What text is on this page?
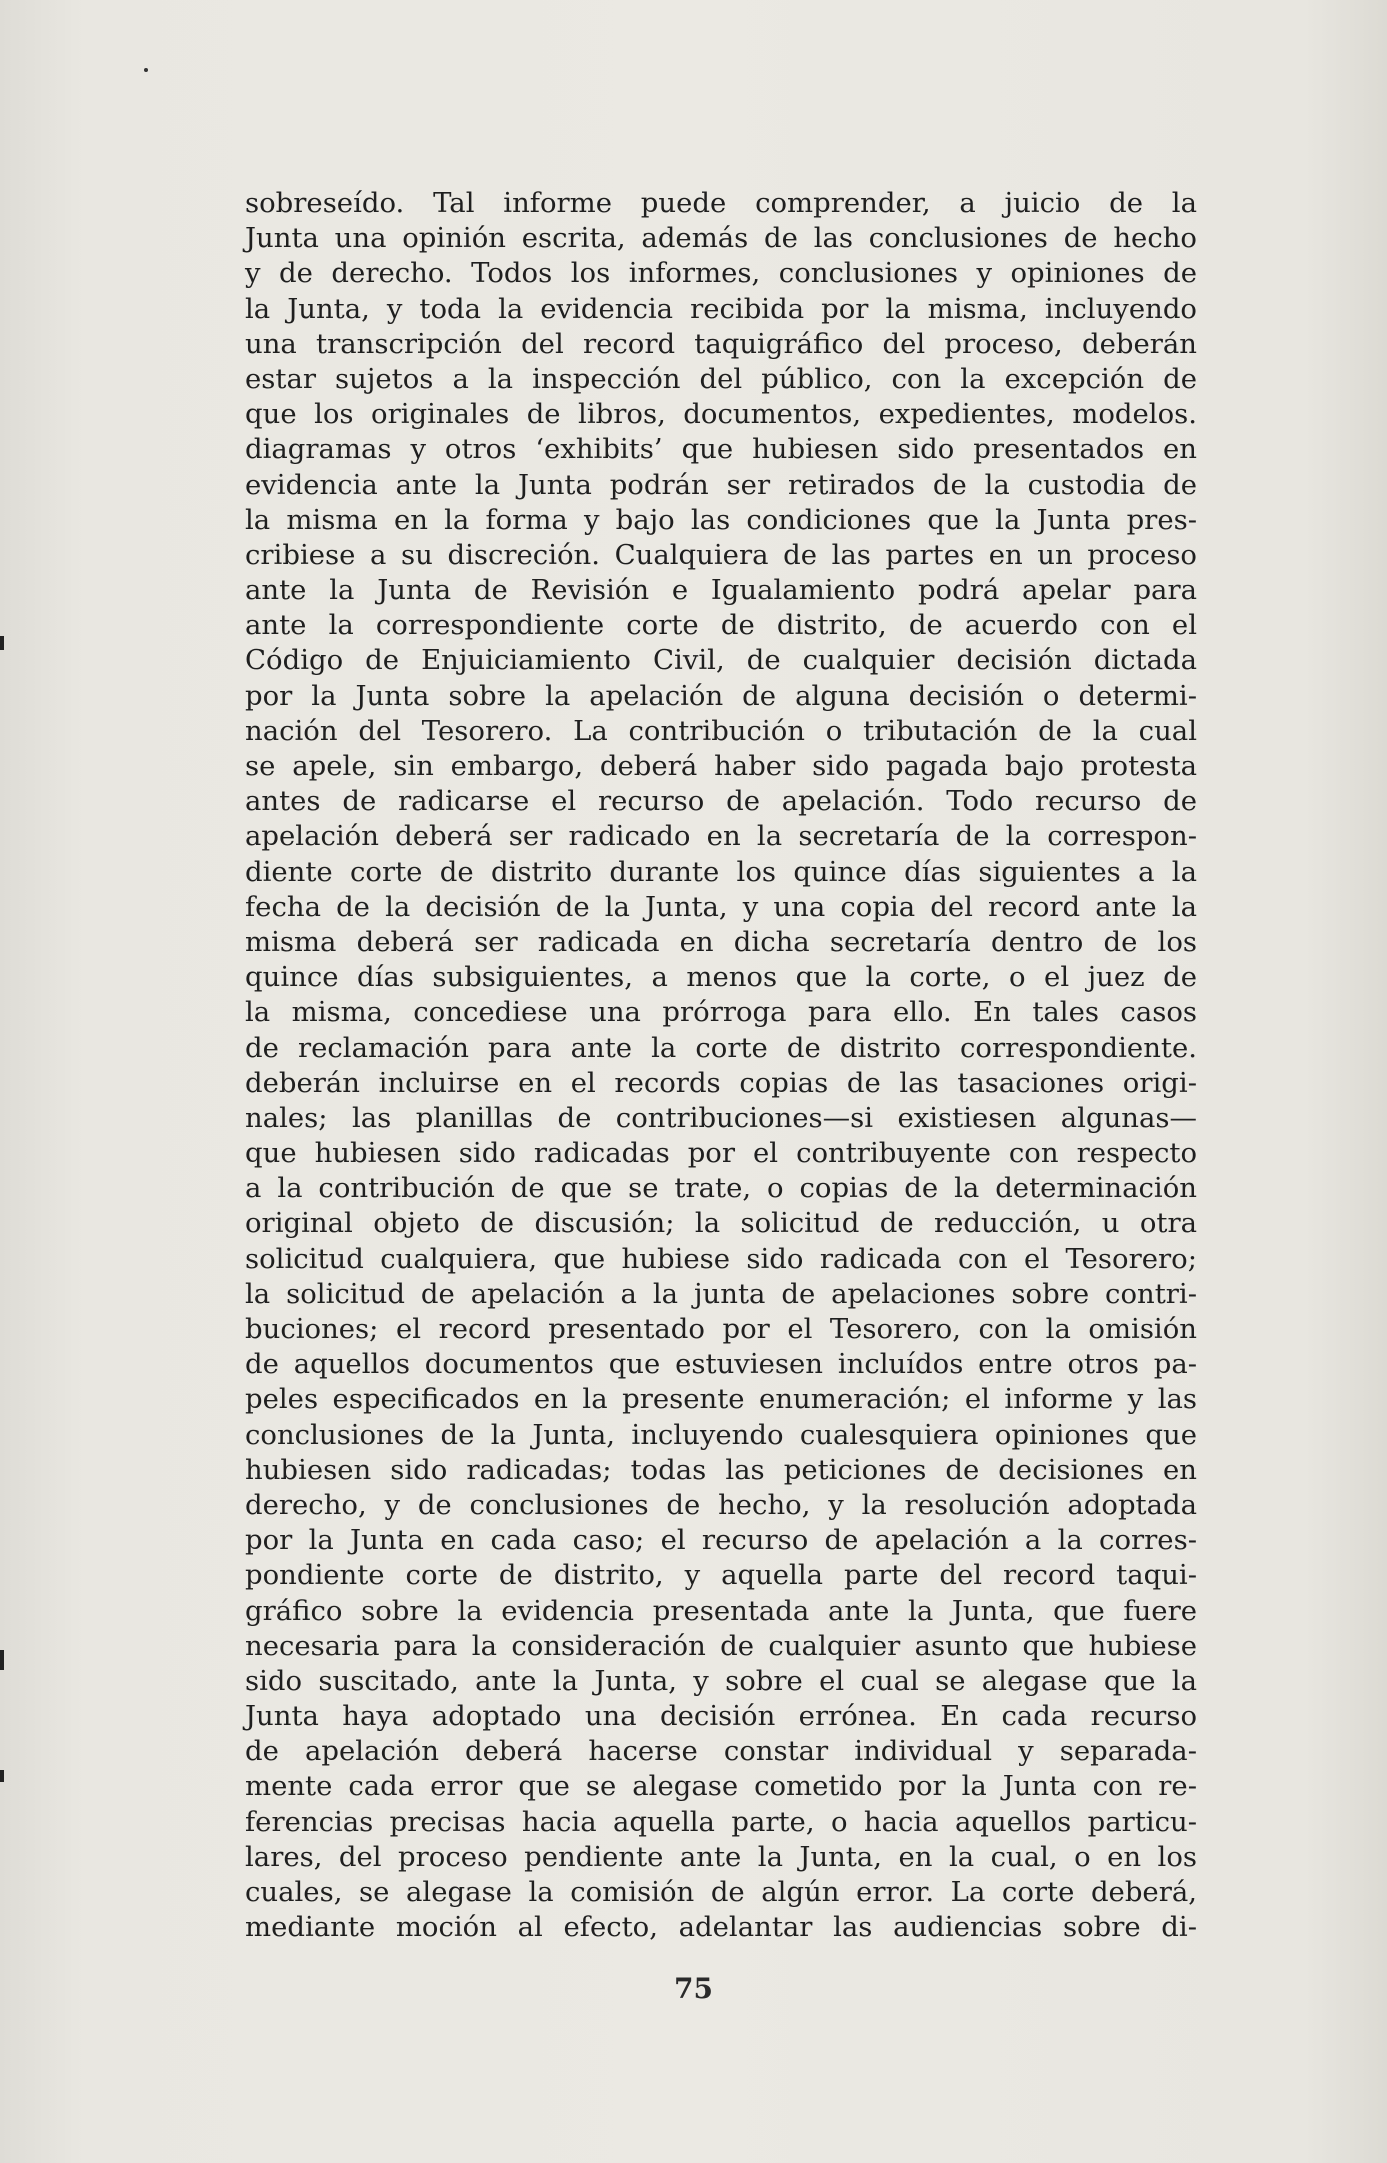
sobreseído. Tal informe puede comprender, a juicio de la
Junta una opinión escrita, además de las conclusiones de hecho
y de derecho. Todos los informes, conclusiones y opiniones de
la Junta, y toda la evidencia recibida por la misma, incluyendo
una transcripción del record taquigráfico del proceso, deberán
estar sujetos a la inspección del público, con la excepción de
que los originales de libros, documentos, expedientes, modelos.
diagramas y otros ‘exhibits’ que hubiesen sido presentados en
evidencia ante la Junta podrán ser retirados de la custodia de
la misma en la forma y bajo las condiciones que la Junta pres-
cribiese a su discreción. Cualquiera de las partes en un proceso
ante la Junta de Revisión e Igualamiento podrá apelar para
ante la correspondiente corte de distrito, de acuerdo con el
Código de Enjuiciamiento Civil, de cualquier decisión dictada
por la Junta sobre la apelación de alguna decisión o determi-
nación del Tesorero. La contribución o tributación de la cual
se apele, sin embargo, deberá haber sido pagada bajo protesta
antes de radicarse el recurso de apelación. Todo recurso de
apelación deberá ser radicado en la secretaría de la correspon-
diente corte de distrito durante los quince días siguientes a la
fecha de la decisión de la Junta, y una copia del record ante la
misma deberá ser radicada en dicha secretaría dentro de los
quince días subsiguientes, a menos que la corte, o el juez de
la misma, concediese una prórroga para ello. En tales casos
de reclamación para ante la corte de distrito correspondiente.
deberán incluirse en el records copias de las tasaciones origi-
nales; las planillas de contribuciones—si existiesen algunas—
que hubiesen sido radicadas por el contribuyente con respecto
a la contribución de que se trate, o copias de la determinación
original objeto de discusión; la solicitud de reducción, u otra
solicitud cualquiera, que hubiese sido radicada con el Tesorero;
la solicitud de apelación a la junta de apelaciones sobre contri-
buciones; el record presentado por el Tesorero, con la omisión
de aquellos documentos que estuviesen incluídos entre otros pa-
peles especificados en la presente enumeración; el informe y las
conclusiones de la Junta, incluyendo cualesquiera opiniones que
hubiesen sido radicadas; todas las peticiones de decisiones en
derecho, y de conclusiones de hecho, y la resolución adoptada
por la Junta en cada caso; el recurso de apelación a la corres-
pondiente corte de distrito, y aquella parte del record taqui-
gráfico sobre la evidencia presentada ante la Junta, que fuere
necesaria para la consideración de cualquier asunto que hubiese
sido suscitado, ante la Junta, y sobre el cual se alegase que la
Junta haya adoptado una decisión errónea. En cada recurso
de apelación deberá hacerse constar individual y separada-
mente cada error que se alegase cometido por la Junta con re-
ferencias precisas hacia aquella parte, o hacia aquellos particu-
lares, del proceso pendiente ante la Junta, en la cual, o en los
cuales, se alegase la comisión de algún error. La corte deberá,
mediante moción al efecto, adelantar las audiencias sobre di-
75
